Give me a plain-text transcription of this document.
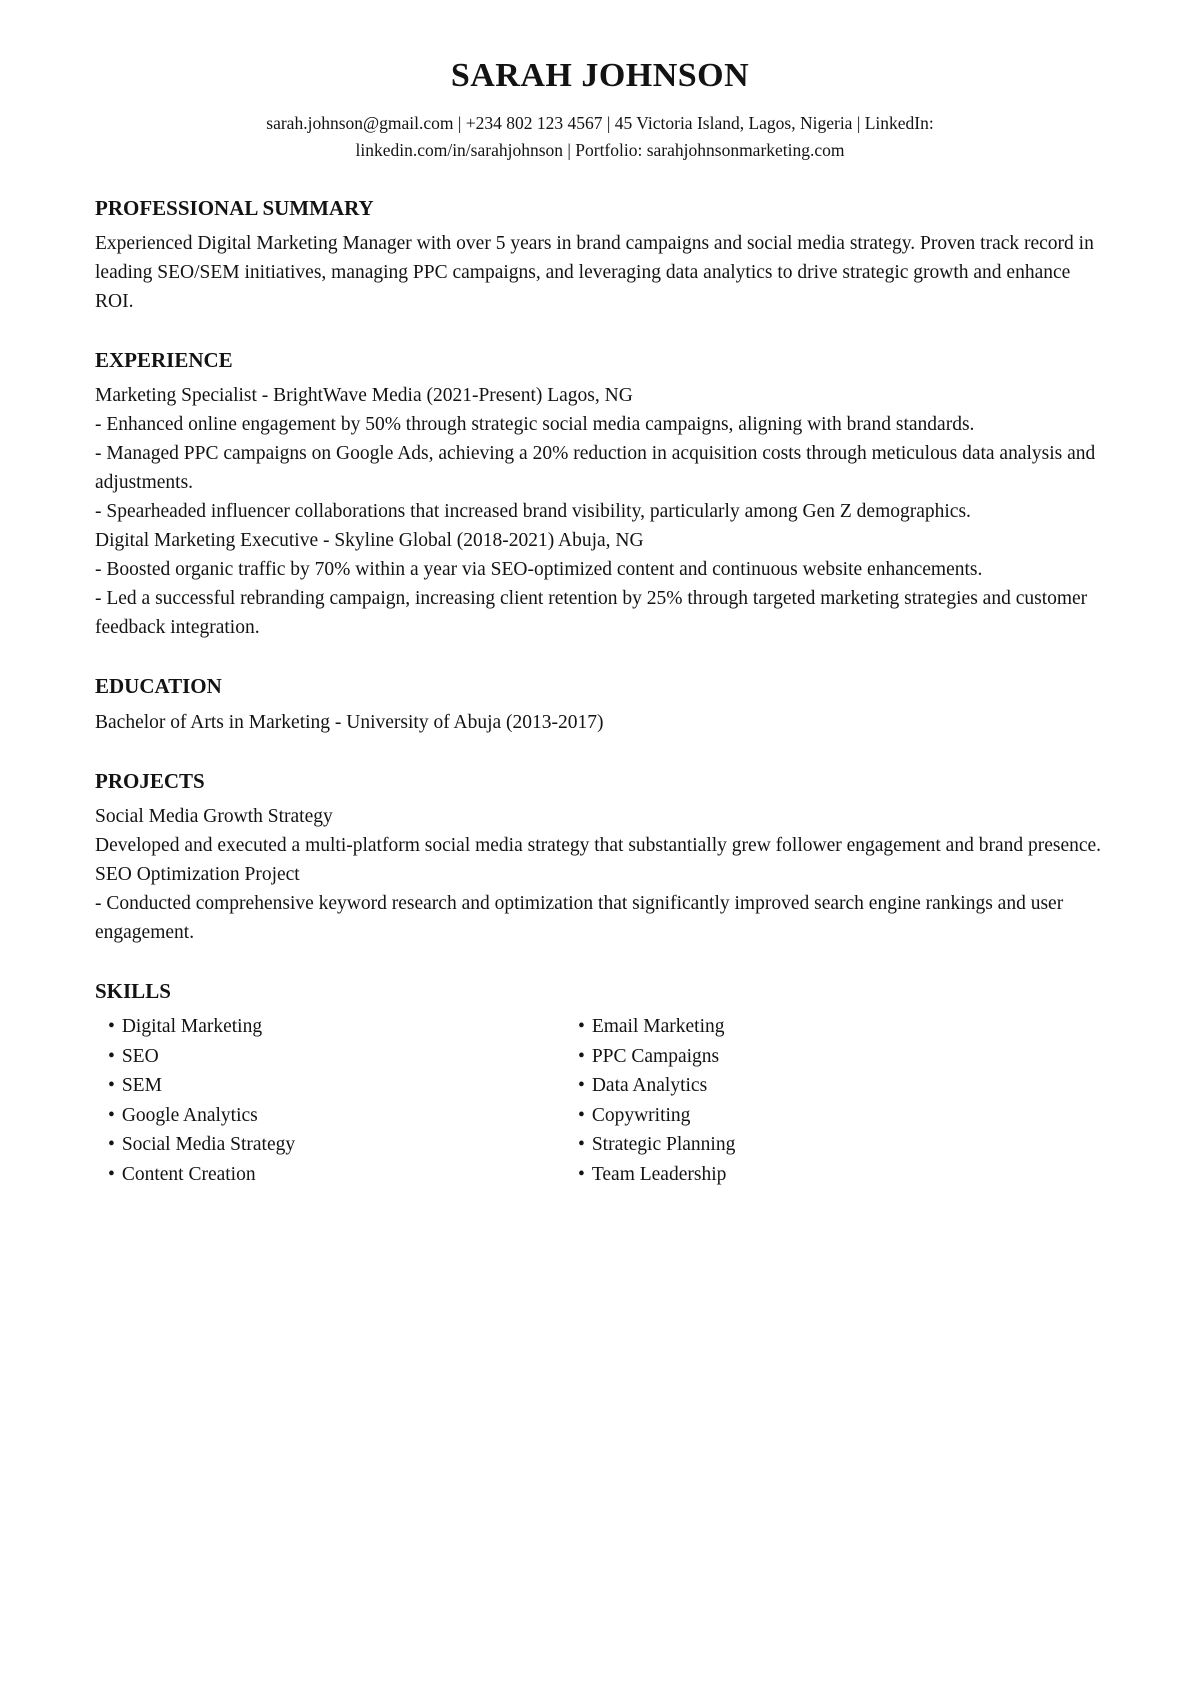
SARAH JOHNSON

sarah.johnson@gmail.com | +234 802 123 4567 | 45 Victoria Island, Lagos, Nigeria | LinkedIn:
linkedin.com/in/sarahjohnson | Portfolio: sarahjohnsonmarketing.com

PROFESSIONAL SUMMARY

Experienced Digital Marketing Manager with over 5 years in brand campaigns and social media strategy. Proven track record in leading SEO/SEM initiatives, managing PPC campaigns, and leveraging data analytics to drive strategic growth and enhance ROI.

EXPERIENCE

Marketing Specialist - BrightWave Media (2021-Present) Lagos, NG

- Enhanced online engagement by 50% through strategic social media campaigns, aligning with brand standards.

- Managed PPC campaigns on Google Ads, achieving a 20% reduction in acquisition costs through meticulous data analysis and adjustments.

- Spearheaded influencer collaborations that increased brand visibility, particularly among Gen Z demographics.

Digital Marketing Executive - Skyline Global (2018-2021) Abuja, NG

- Boosted organic traffic by 70% within a year via SEO-optimized content and continuous website enhancements.

- Led a successful rebranding campaign, increasing client retention by 25% through targeted marketing strategies and customer feedback integration.

EDUCATION

Bachelor of Arts in Marketing - University of Abuja (2013-2017)

PROJECTS

Social Media Growth Strategy

Developed and executed a multi-platform social media strategy that substantially grew follower engagement and brand presence.

SEO Optimization Project

- Conducted comprehensive keyword research and optimization that significantly improved search engine rankings and user engagement.

SKILLS
• Digital Marketing	• Email Marketing
• SEO	• PPC Campaigns
• SEM	• Data Analytics
• Google Analytics	• Copywriting
• Social Media Strategy	• Strategic Planning
• Content Creation	• Team Leadership
